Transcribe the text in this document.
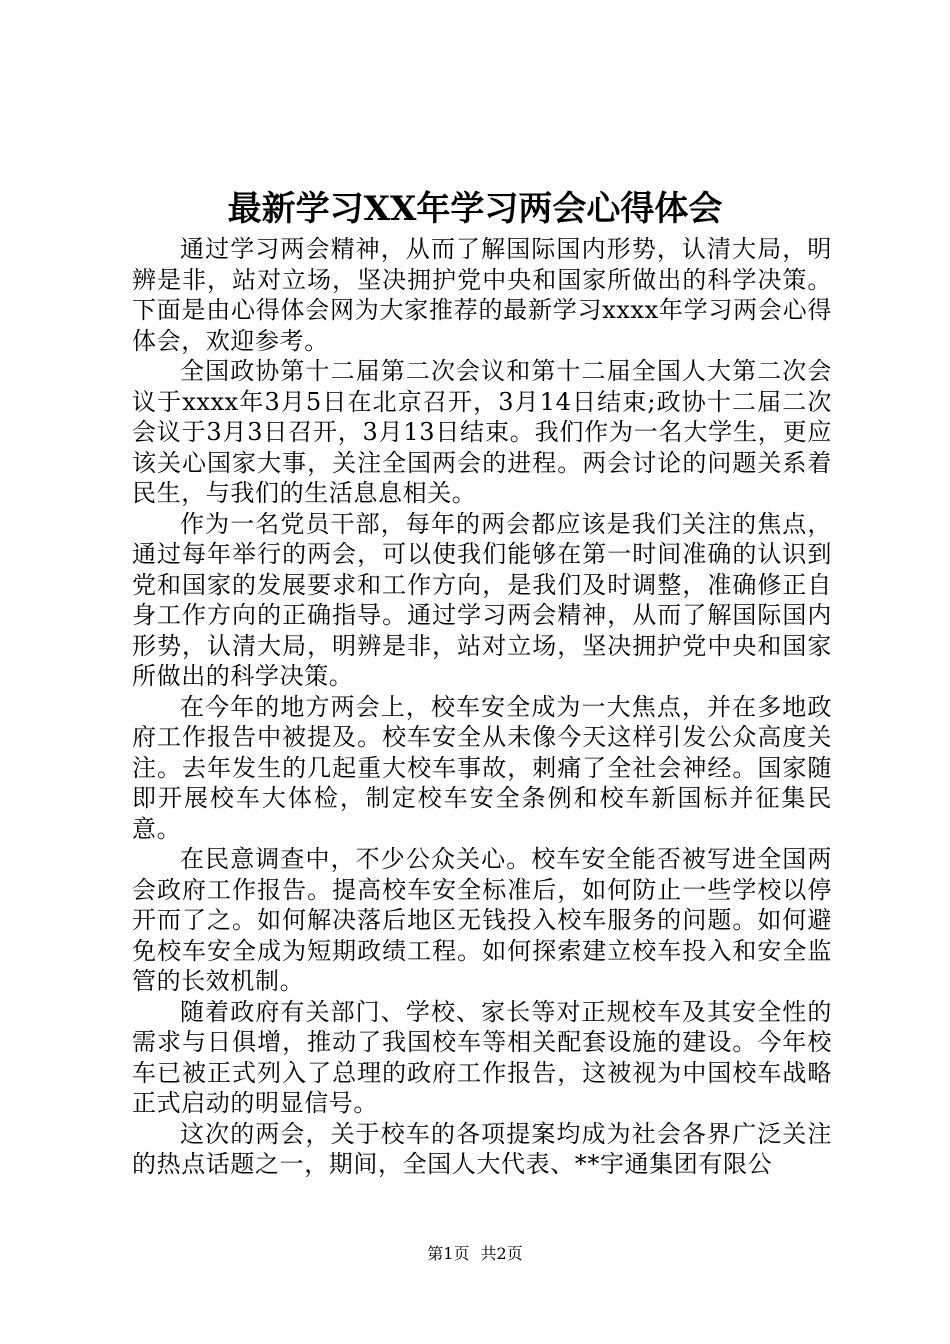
最新学习XX年学习两会心得体会

通过学习两会精神，从而了解国际国内形势，认清大局，明辨是非，站对立场，坚决拥护党中央和国家所做出的科学决策。下面是由心得体会网为大家推荐的最新学习xxxx年学习两会心得体会，欢迎参考。

全国政协第十二届第二次会议和第十二届全国人大第二次会议于xxxx年3月5日在北京召开，3月14日结束;政协十二届二次会议于3月3日召开，3月13日结束。我们作为一名大学生，更应该关心国家大事，关注全国两会的进程。两会讨论的问题关系着民生，与我们的生活息息相关。

作为一名党员干部，每年的两会都应该是我们关注的焦点，通过每年举行的两会，可以使我们能够在第一时间准确的认识到党和国家的发展要求和工作方向，是我们及时调整，准确修正自身工作方向的正确指导。通过学习两会精神，从而了解国际国内形势，认清大局，明辨是非，站对立场，坚决拥护党中央和国家所做出的科学决策。

在今年的地方两会上，校车安全成为一大焦点，并在多地政府工作报告中被提及。校车安全从未像今天这样引发公众高度关注。去年发生的几起重大校车事故，刺痛了全社会神经。国家随即开展校车大体检，制定校车安全条例和校车新国标并征集民意。

在民意调查中，不少公众关心。校车安全能否被写进全国两会政府工作报告。提高校车安全标准后，如何防止一些学校以停开而了之。如何解决落后地区无钱投入校车服务的问题。如何避免校车安全成为短期政绩工程。如何探索建立校车投入和安全监管的长效机制。

随着政府有关部门、学校、家长等对正规校车及其安全性的需求与日俱增，推动了我国校车等相关配套设施的建设。今年校车已被正式列入了总理的政府工作报告，这被视为中国校车战略正式启动的明显信号。

这次的两会，关于校车的各项提案均成为社会各界广泛关注的热点话题之一，期间，全国人大代表、**宇通集团有限公

第1页 共2页
